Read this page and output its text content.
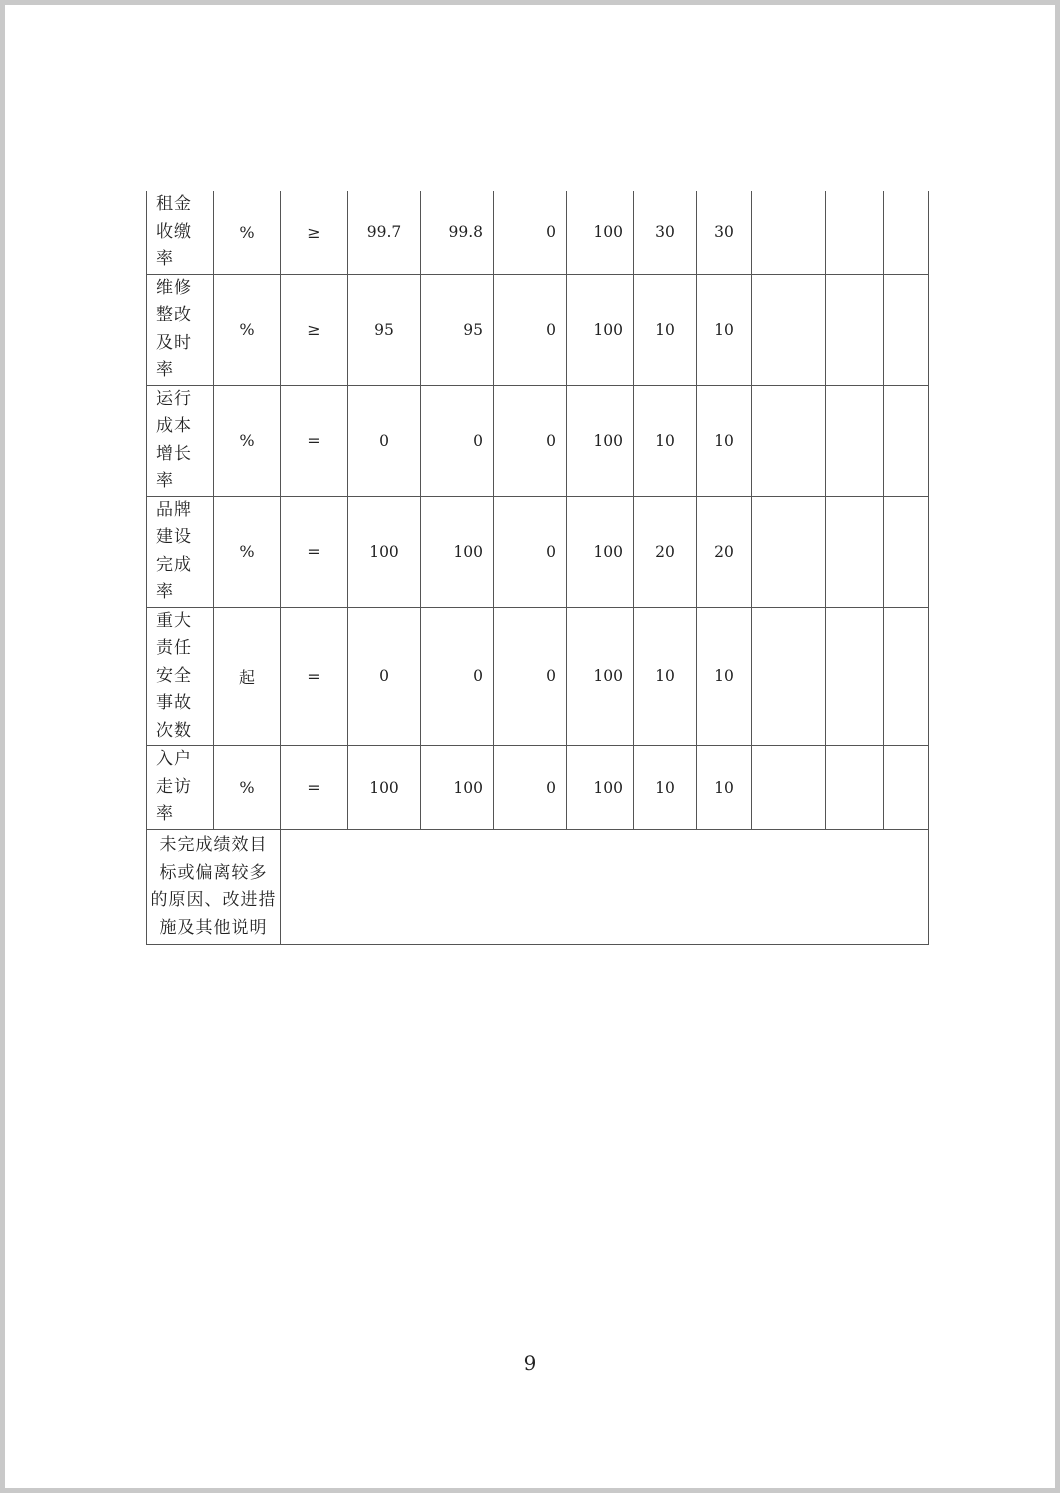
租金
收缴
率	%	≥	99.7	99.8	0	100	30	30			

维修
整改
及时
率	%	≥	95	95	0	100	10	10			

运行
成本
增长
率	%	=	0	0	0	100	10	10			

品牌
建设
完成
率	%	=	100	100	0	100	20	20			

重大
责任
安全
事故
次数	起	=	0	0	0	100	10	10			

入户
走访
率	%	=	100	100	0	100	10	10			

未完成绩效目
标或偏离较多
的原因、改进措
施及其他说明											

9
